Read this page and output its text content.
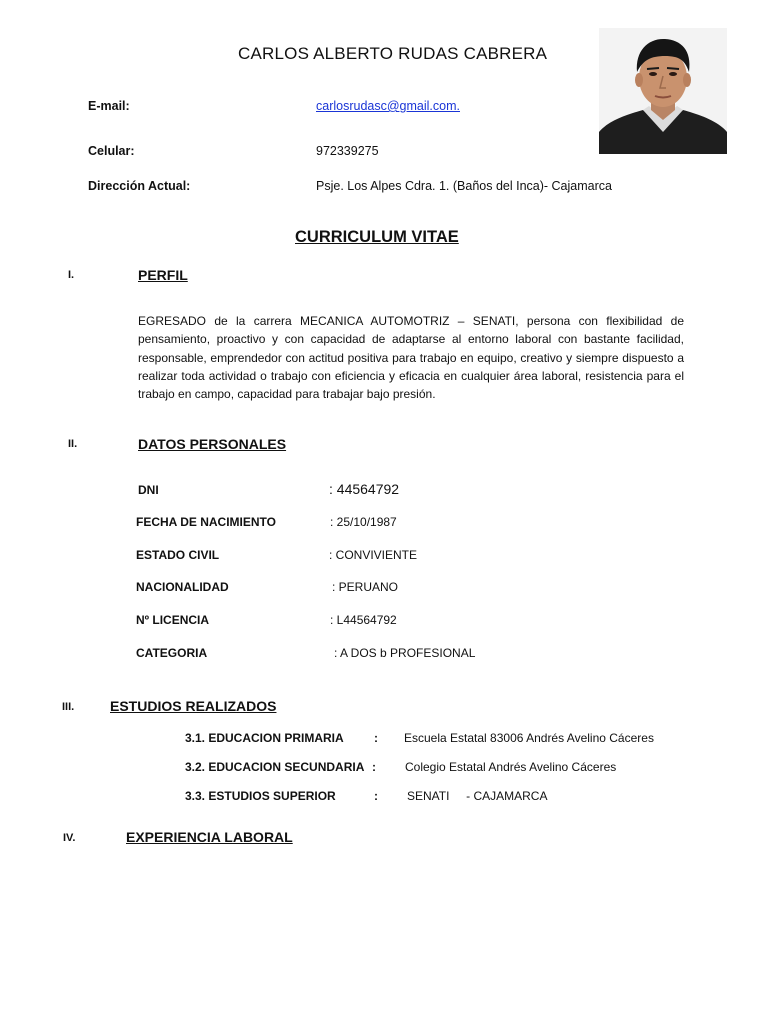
CARLOS ALBERTO RUDAS CABRERA
E-mail:	carlosrudasc@gmail.com.
Celular:	972339275
Dirección Actual:	Psje. Los Alpes Cdra. 1. (Baños del Inca)- Cajamarca
CURRICULUM VITAE
I.	PERFIL
EGRESADO de la carrera MECANICA AUTOMOTRIZ – SENATI, persona con flexibilidad de pensamiento, proactivo y con capacidad de adaptarse al entorno laboral con bastante facilidad, responsable, emprendedor con actitud positiva para trabajo en equipo, creativo y siempre dispuesto a realizar toda actividad o trabajo con eficiencia y eficacia en cualquier área laboral, resistencia para el trabajo en campo, capacidad para trabajar bajo presión.
II.	DATOS PERSONALES
DNI	: 44564792
FECHA DE NACIMIENTO	: 25/10/1987
ESTADO CIVIL	: CONVIVIENTE
NACIONALIDAD	: PERUANO
Nº LICENCIA	: L44564792
CATEGORIA	: A DOS b PROFESIONAL
III.	ESTUDIOS REALIZADOS
3.1. EDUCACION PRIMARIA	: Escuela Estatal 83006 Andrés Avelino Cáceres
3.2. EDUCACION SECUNDARIA : Colegio Estatal Andrés Avelino Cáceres
3.3. ESTUDIOS SUPERIOR	: SENATI     - CAJAMARCA
IV.	EXPERIENCIA LABORAL
